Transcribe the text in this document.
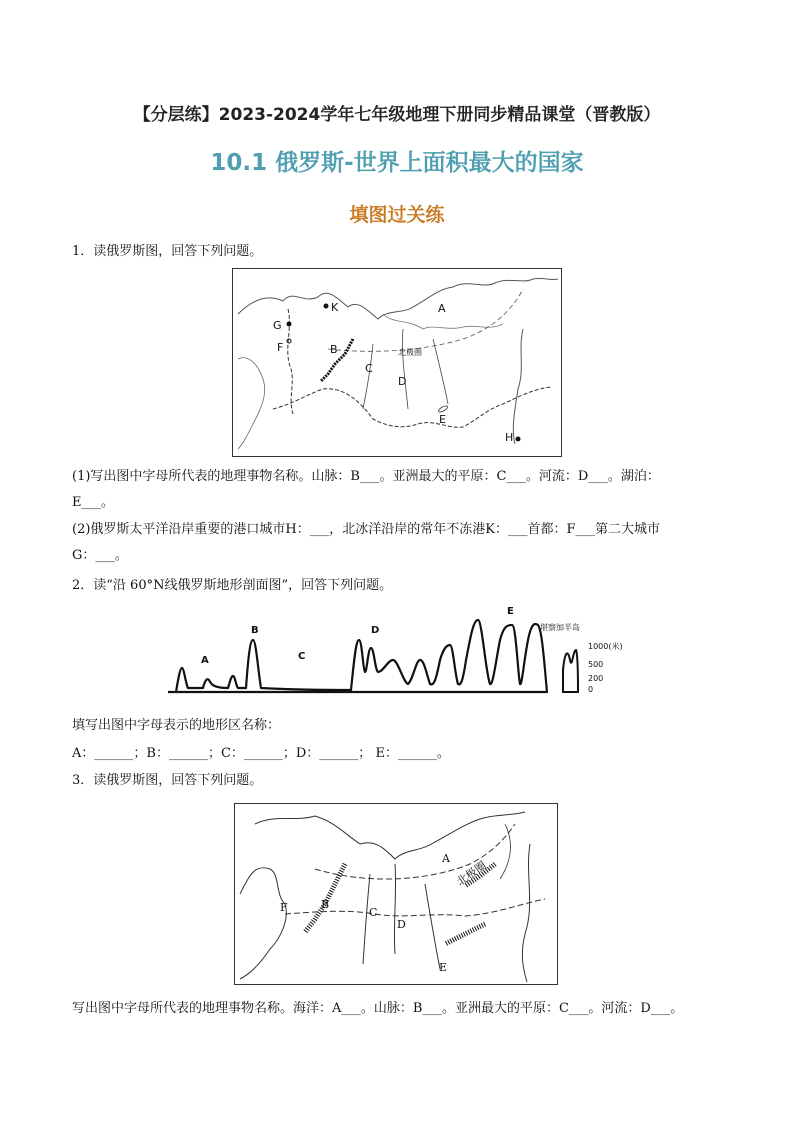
【分层练】2023-2024学年七年级地理下册同步精品课堂（晋教版）
10.1 俄罗斯-世界上面积最大的国家
填图过关练
1．读俄罗斯图，回答下列问题。
K
G
F	B
A
C
D
E
H
北极圈
(1)写出图中字母所代表的地理事物名称。山脉：B___。亚洲最大的平原：C___。河流：D___。湖泊：
E___。
(2)俄罗斯太平洋沿岸重要的港口城市H：___，北冰洋沿岸的常年不冻港K：___首都：F___第二大城市
G：___。
2．读“沿 60°N线俄罗斯地形剖面图”，回答下列问题。
A
B
C
D
E
堪察加半岛
1000(米)
500
200
0
填写出图中字母表示的地形区名称：
A：______；B：______；C：______；D：______； E：______。
3．读俄罗斯图，回答下列问题。
A
B
C
D
E
F
北极圈
写出图中字母所代表的地理事物名称。海洋：A___。山脉：B___。亚洲最大的平原：C___。河流：D___。
